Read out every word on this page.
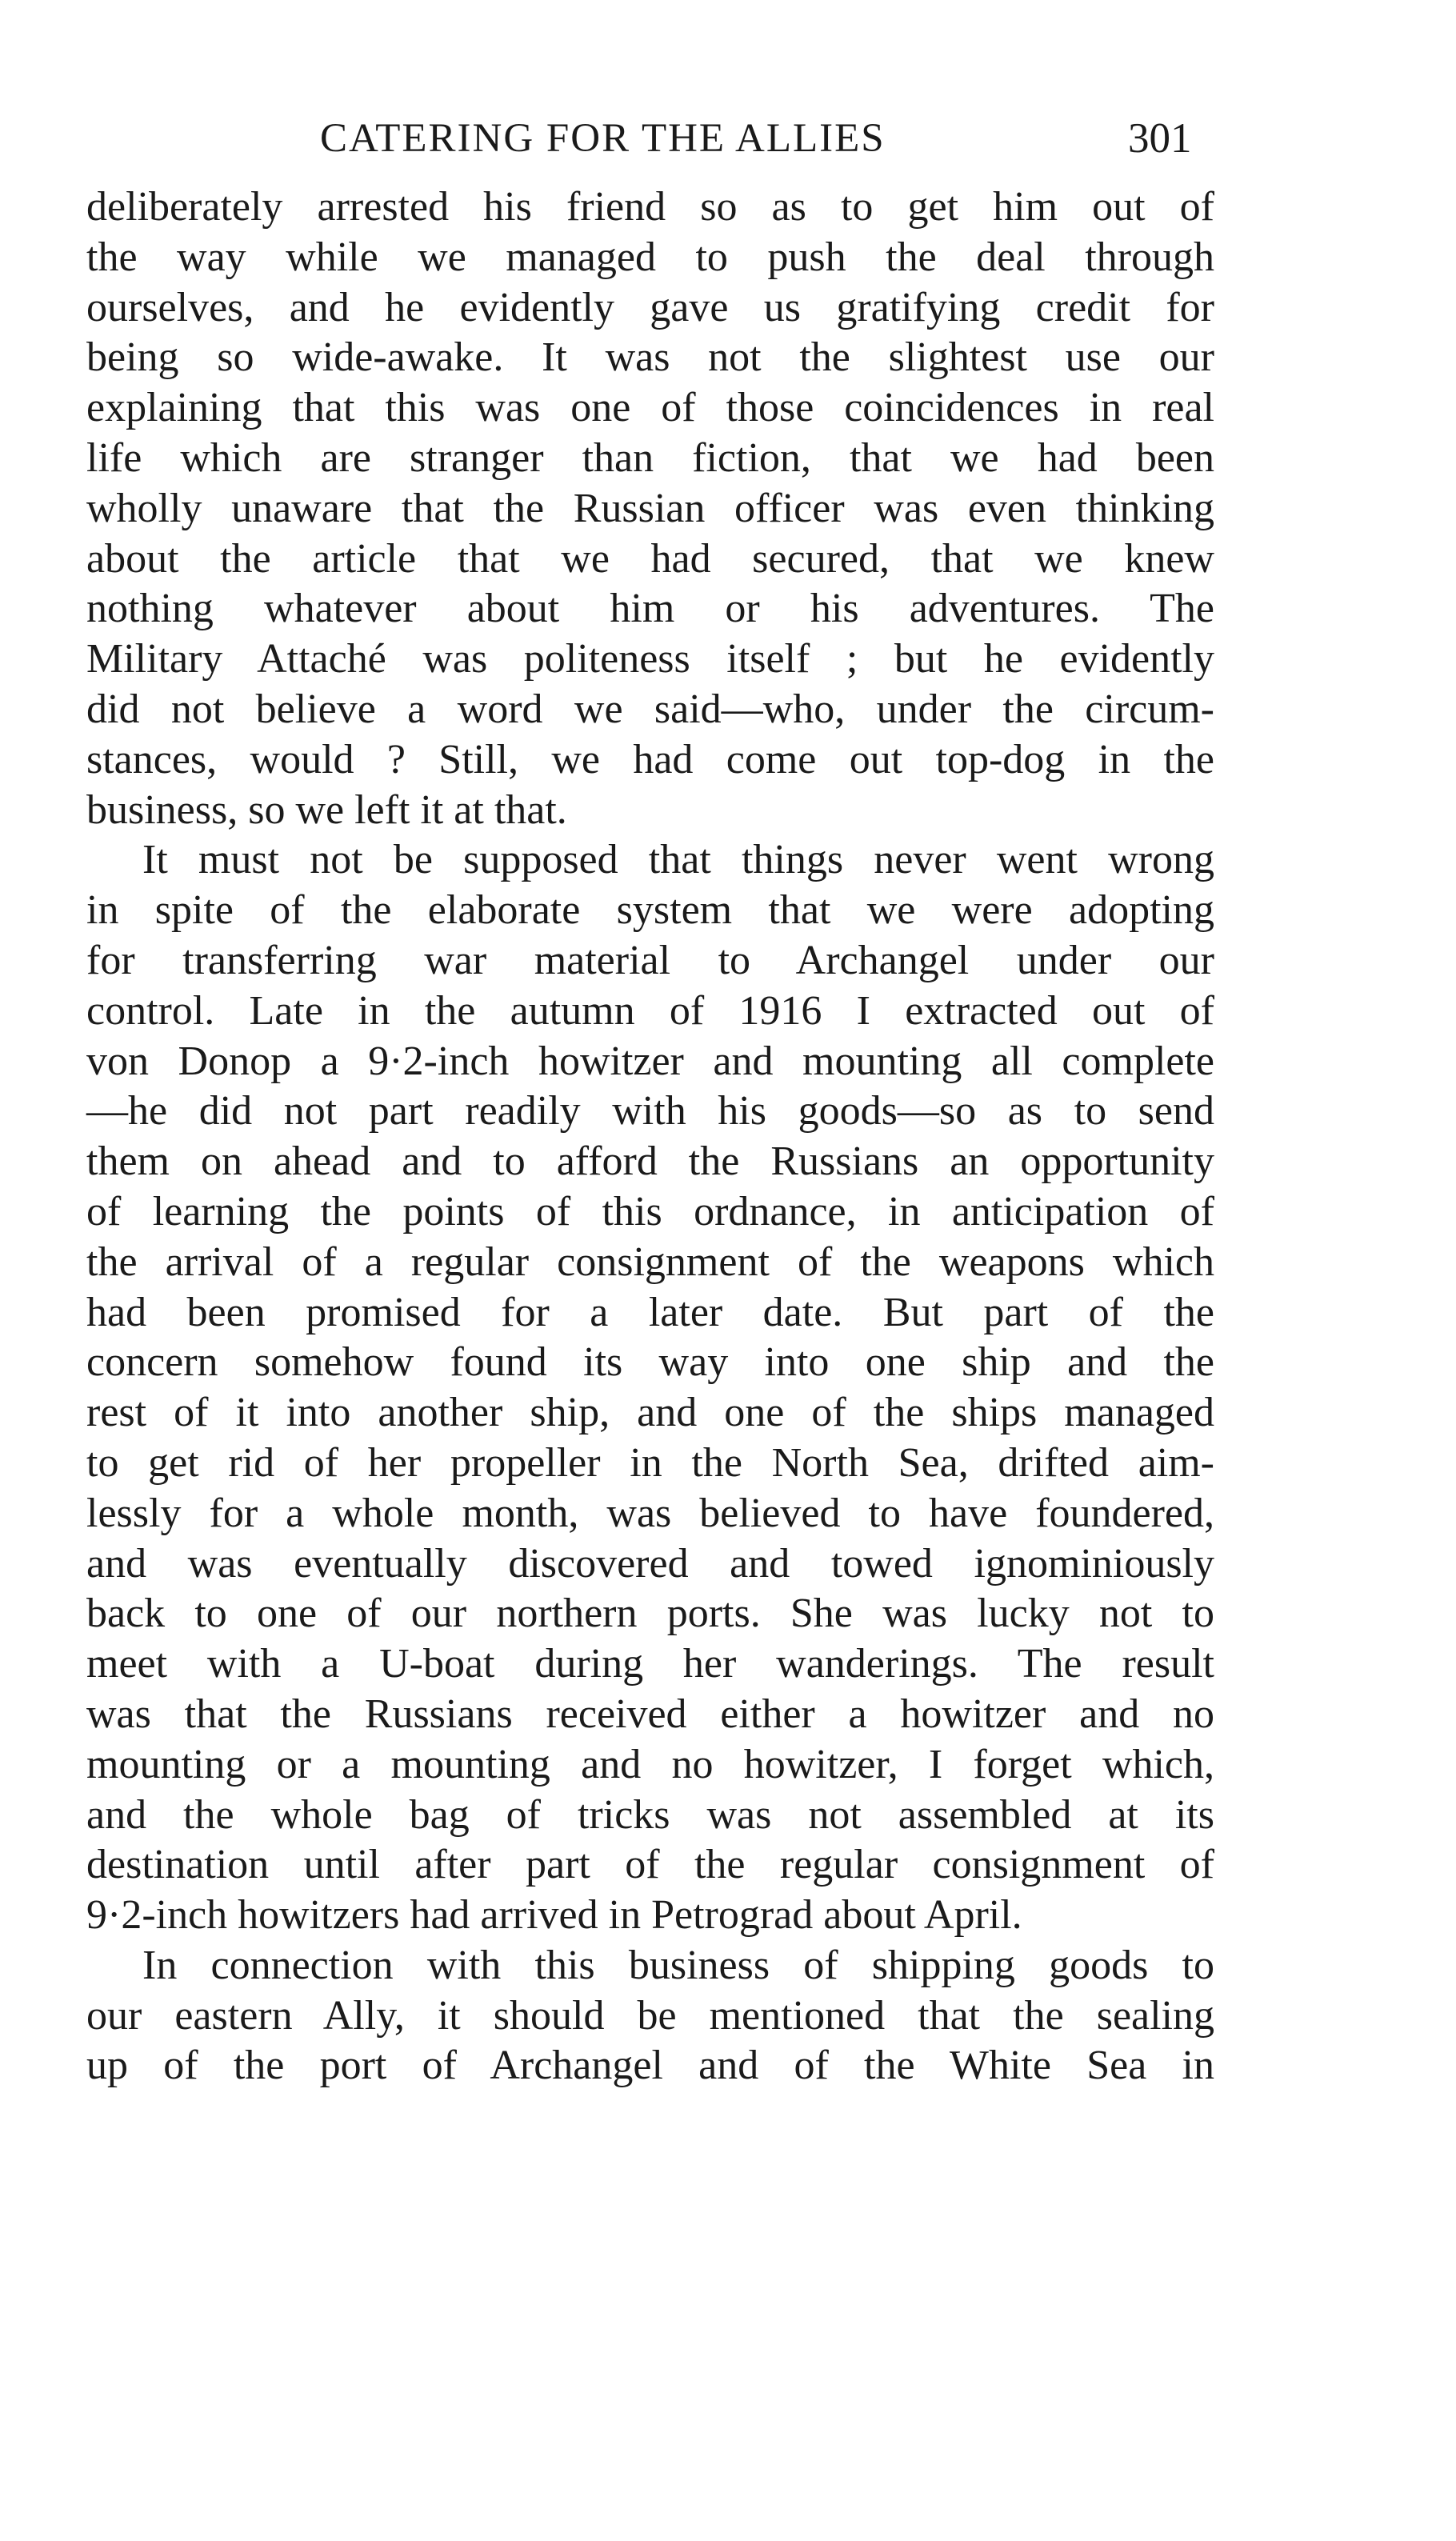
CATERING FOR THE ALLIES	301
deliberately arrested his friend so as to get him out of
the way while we managed to push the deal through
ourselves, and he evidently gave us gratifying credit for
being so wide-awake. It was not the slightest use our
explaining that this was one of those coincidences in real
life which are stranger than fiction, that we had been
wholly unaware that the Russian officer was even thinking
about the article that we had secured, that we knew
nothing whatever about him or his adventures. The
Military Attaché was politeness itself ; but he evidently
did not believe a word we said—who, under the circum-
stances, would ? Still, we had come out top-dog in the
business, so we left it at that.
It must not be supposed that things never went wrong
in spite of the elaborate system that we were adopting
for transferring war material to Archangel under our
control. Late in the autumn of 1916 I extracted out of
von Donop a 9·2-inch howitzer and mounting all complete
—he did not part readily with his goods—so as to send
them on ahead and to afford the Russians an opportunity
of learning the points of this ordnance, in anticipation of
the arrival of a regular consignment of the weapons which
had been promised for a later date. But part of the
concern somehow found its way into one ship and the
rest of it into another ship, and one of the ships managed
to get rid of her propeller in the North Sea, drifted aim-
lessly for a whole month, was believed to have foundered,
and was eventually discovered and towed ignominiously
back to one of our northern ports. She was lucky not to
meet with a U-boat during her wanderings. The result
was that the Russians received either a howitzer and no
mounting or a mounting and no howitzer, I forget which,
and the whole bag of tricks was not assembled at its
destination until after part of the regular consignment of
9·2-inch howitzers had arrived in Petrograd about April.
In connection with this business of shipping goods to
our eastern Ally, it should be mentioned that the sealing
up of the port of Archangel and of the White Sea in
